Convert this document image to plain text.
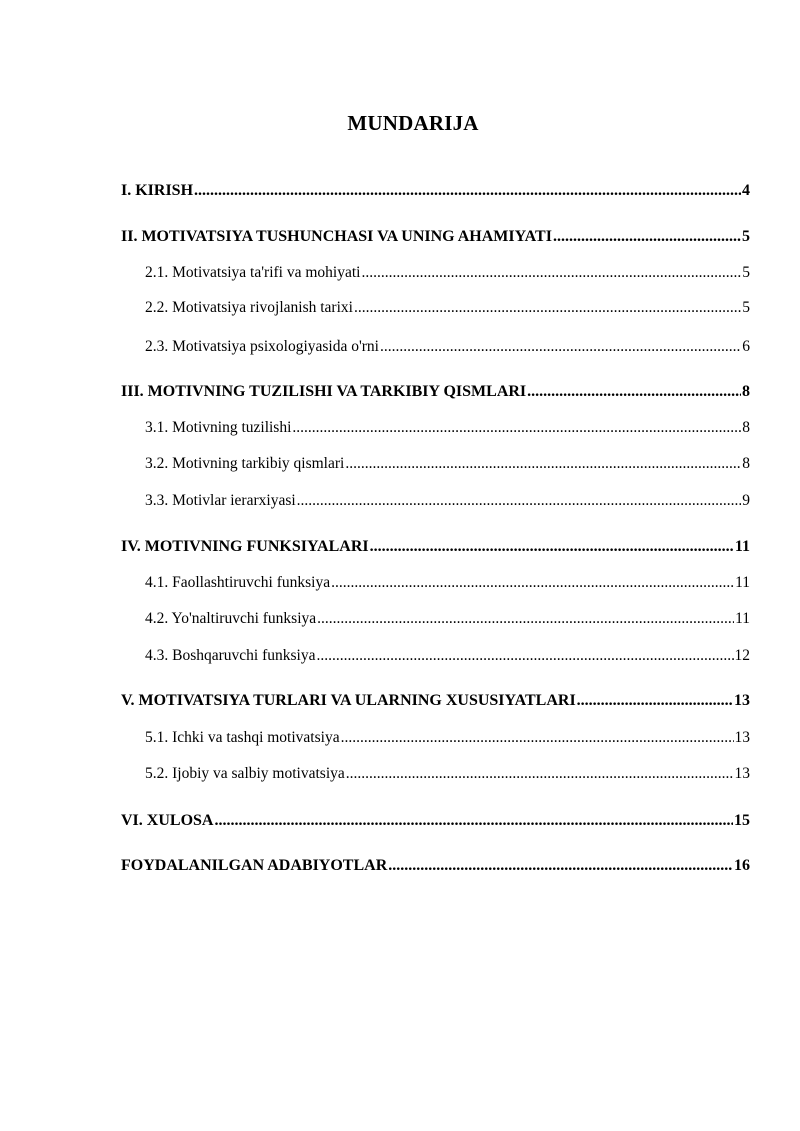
MUNDARIJA
I. KIRISH .....	4
II. MOTIVATSIYA TUSHUNCHASI VA UNING AHAMIYATI .....	5
2.1. Motivatsiya ta'rifi va mohiyati .....	5
2.2. Motivatsiya rivojlanish tarixi .....	5
2.3. Motivatsiya psixologiyasida o'rni .....	6
III. MOTIVNING TUZILISHI VA TARKIBIY QISMLARI .....	8
3.1. Motivning tuzilishi .....	8
3.2. Motivning tarkibiy qismlari .....	8
3.3. Motivlar ierarxiyasi .....	9
IV. MOTIVNING FUNKSIYALARI .....	11
4.1. Faollashtiruvchi funksiya .....	11
4.2. Yo'naltiruvchi funksiya .....	11
4.3. Boshqaruvchi funksiya .....	12
V. MOTIVATSIYA TURLARI VA ULARNING XUSUSIYATLARI .....	13
5.1. Ichki va tashqi motivatsiya .....	13
5.2. Ijobiy va salbiy motivatsiya .....	13
VI. XULOSA .....	15
FOYDALANILGAN ADABIYOTLAR .....	16
